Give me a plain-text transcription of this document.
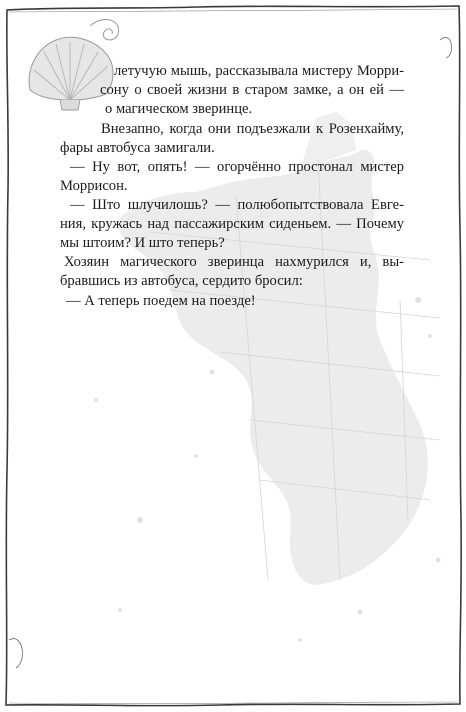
летучую мышь, рассказывала мистеру Морри-
сону о своей жизни в старом замке, а он ей —
о магическом зверинце.
Внезапно, когда они подъезжали к Розенхайму,
фары автобуса замигали.
— Ну вот, опять! — огорчённо простонал мистер
Моррисон.
— Што шлучилошь? — полюбопытствовала Евге-
ния, кружась над пассажирским сиденьем. — Почему
мы штоим? И што теперь?
Хозяин магического зверинца нахмурился и, вы-
бравшись из автобуса, сердито бросил:
— А теперь поедем на поезде!
